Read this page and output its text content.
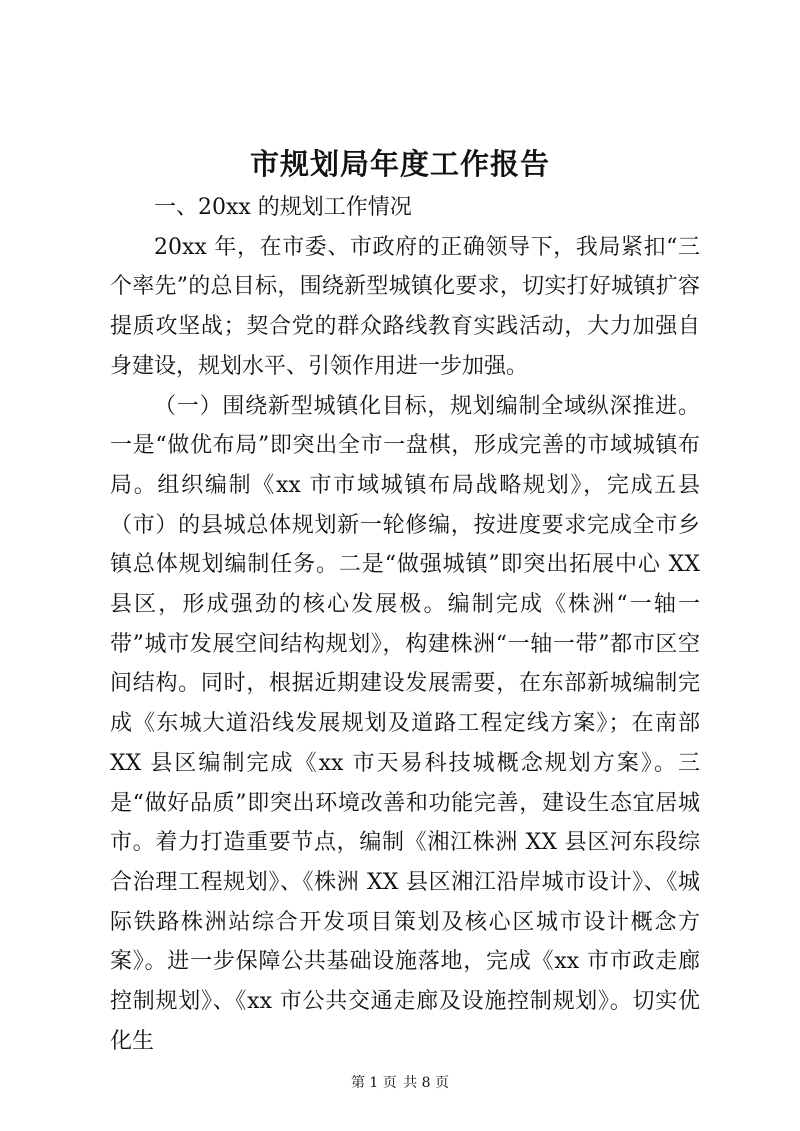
市规划局年度工作报告

一、20xx 的规划工作情况

20xx 年，在市委、市政府的正确领导下，我局紧扣“三个率先”的总目标，围绕新型城镇化要求，切实打好城镇扩容提质攻坚战；契合党的群众路线教育实践活动，大力加强自身建设，规划水平、引领作用进一步加强。

（一）围绕新型城镇化目标，规划编制全域纵深推进。一是“做优布局”即突出全市一盘棋，形成完善的市域城镇布局。组织编制《xx 市市域城镇布局战略规划》，完成五县（市）的县城总体规划新一轮修编，按进度要求完成全市乡镇总体规划编制任务。二是“做强城镇”即突出拓展中心 XX 县区，形成强劲的核心发展极。编制完成《株洲“一轴一带”城市发展空间结构规划》，构建株洲“一轴一带”都市区空间结构。同时，根据近期建设发展需要，在东部新城编制完成《东城大道沿线发展规划及道路工程定线方案》；在南部 XX 县区编制完成《xx 市天易科技城概念规划方案》。三是“做好品质”即突出环境改善和功能完善，建设生态宜居城市。着力打造重要节点，编制《湘江株洲 XX 县区河东段综合治理工程规划》、《株洲 XX 县区湘江沿岸城市设计》、《城际铁路株洲站综合开发项目策划及核心区城市设计概念方案》。进一步保障公共基础设施落地，完成《xx 市市政走廊控制规划》、《xx 市公共交通走廊及设施控制规划》。切实优化生

第 1 页 共 8 页
